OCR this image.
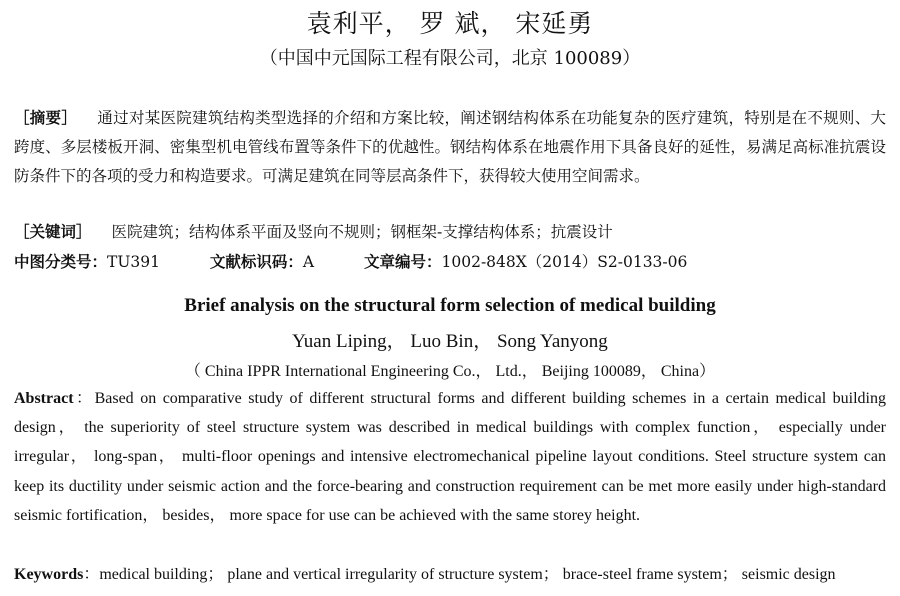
袁利平， 罗 斌， 宋延勇
（中国中元国际工程有限公司，北京 100089）
［摘要］ 通过对某医院建筑结构类型选择的介绍和方案比较，阐述钢结构体系在功能复杂的医疗建筑，特别是在不规则、大跨度、多层楼板开洞、密集型机电管线布置等条件下的优越性。钢结构体系在地震作用下具备良好的延性，易满足高标准抗震设防条件下的各项的受力和构造要求。可满足建筑在同等层高条件下，获得较大使用空间需求。
［关键词］ 医院建筑；结构体系平面及竖向不规则；钢框架-支撑结构体系；抗震设计
中图分类号：TU391	文献标识码：A	文章编号：1002-848X（2014）S2-0133-06
Brief analysis on the structural form selection of medical building
Yuan Liping， Luo Bin， Song Yanyong
（ China IPPR International Engineering Co.， Ltd.， Beijing 100089， China）
Abstract：Based on comparative study of different structural forms and different building schemes in a certain medical building design， the superiority of steel structure system was described in medical buildings with complex function， especially under irregular， long-span， multi-floor openings and intensive electromechanical pipeline layout conditions. Steel structure system can keep its ductility under seismic action and the force-bearing and construction requirement can be met more easily under high-standard seismic fortification， besides， more space for use can be achieved with the same storey height.
Keywords：medical building； plane and vertical irregularity of structure system； brace-steel frame system； seismic design
